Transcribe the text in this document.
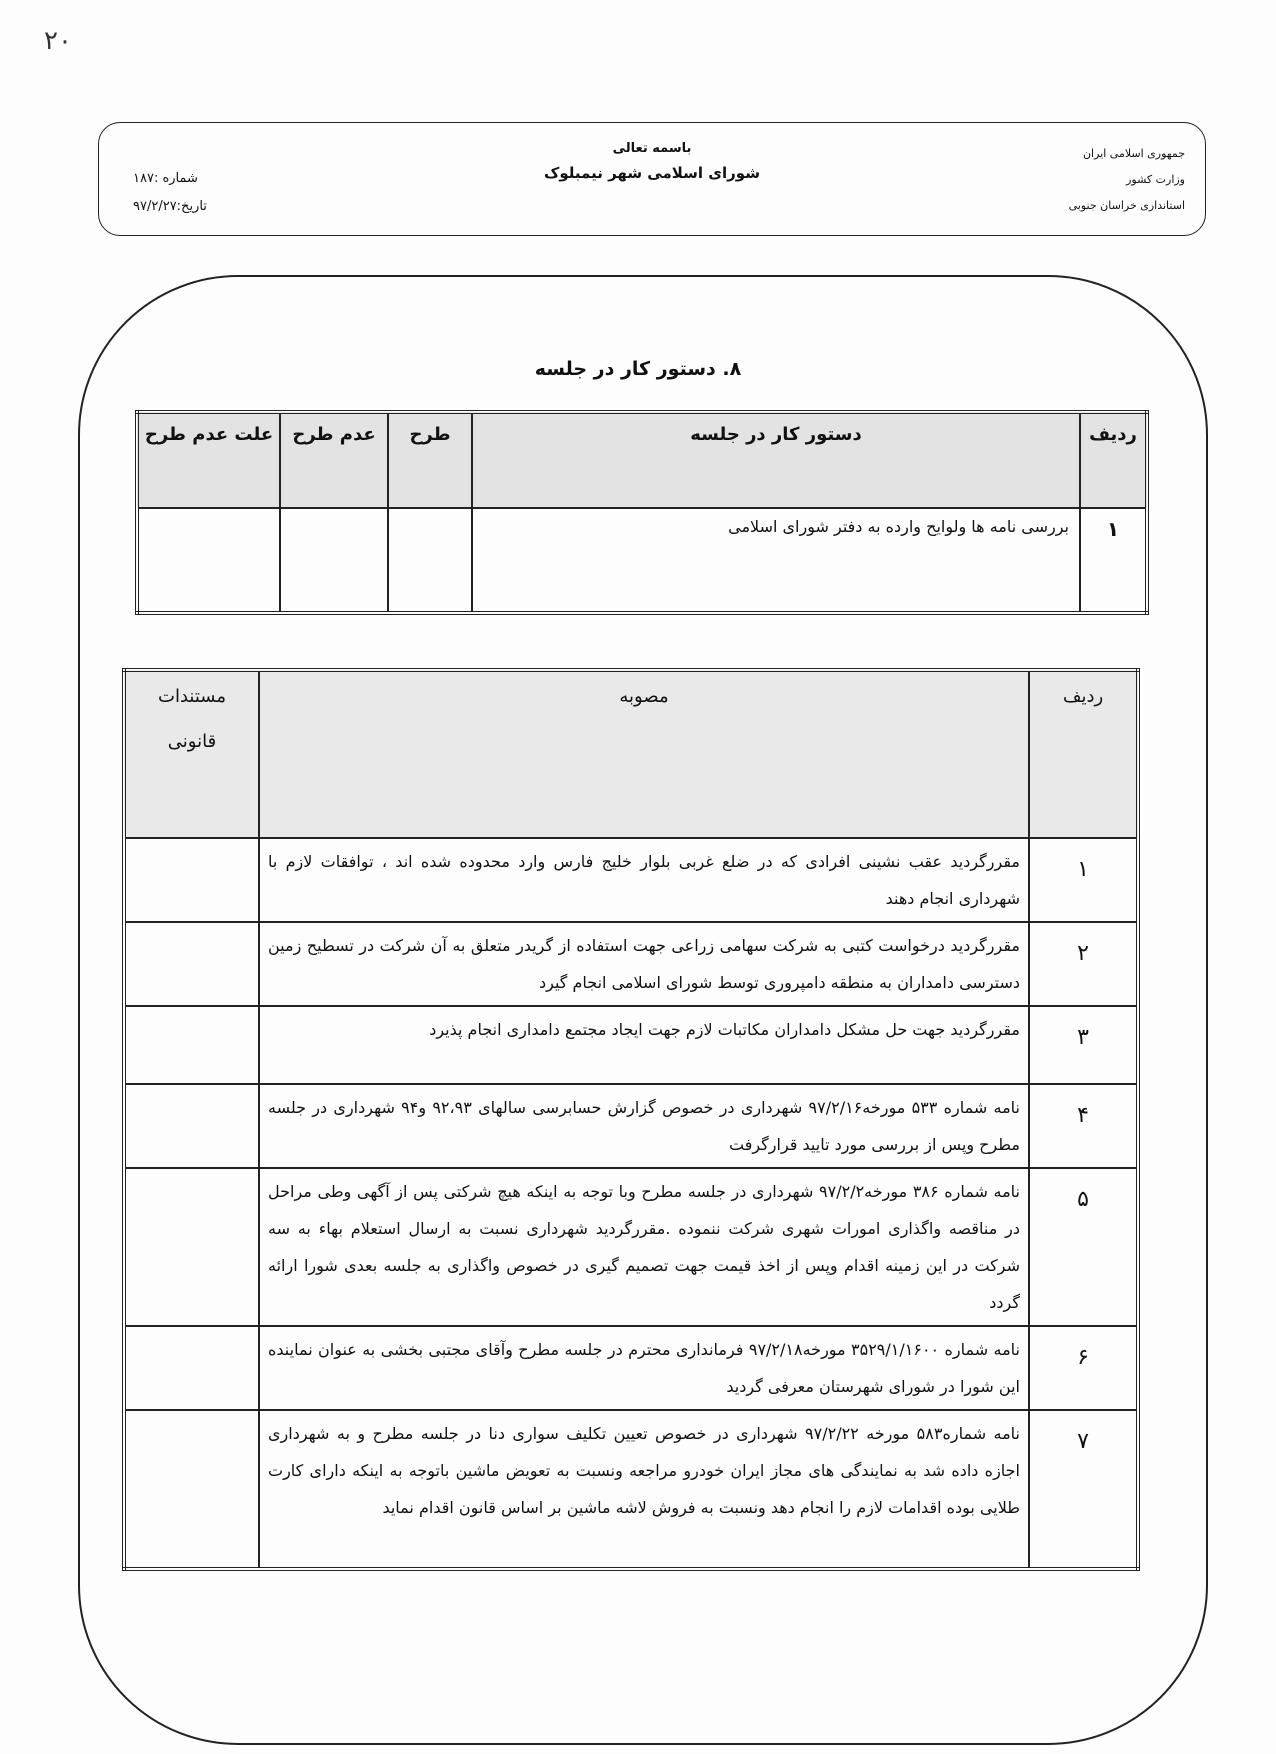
۲۰
جمهوری اسلامی ایران
وزارت کشور
استانداری خراسان جنوبی
باسمه تعالی
شورای اسلامی شهر نیمبلوک
شماره :۱۸۷
تاریخ:۹۷/۲/۲۷
۸. دستور کار در جلسه
ردیف	دستور کار در جلسه	طرح	عدم طرح	علت عدم طرح
۱	بررسی نامه ها ولوایح وارده به دفتر شورای اسلامی			
ردیف	مصوبه	مستندات
قانونی

۱	مقررگردید عقب نشینی افرادی که در ضلع غربی بلوار خلیج فارس وارد محدوده شده اند ، توافقات لازم با شهرداری انجام دهند	
۲	مقررگردید درخواست کتبی به شرکت سهامی زراعی جهت استفاده از گریدر متعلق به آن شرکت در تسطیح زمین دسترسی دامداران به منطقه دامپروری توسط شورای اسلامی انجام گیرد	
۳	مقررگردید جهت حل مشکل دامداران مکاتبات لازم جهت ایجاد مجتمع دامداری انجام پذیرد	
۴	نامه شماره ۵۳۳ مورخه۹۷/۲/۱۶ شهرداری در خصوص گزارش حسابرسی سالهای ۹۲،۹۳ و۹۴ شهرداری در جلسه مطرح وپس از بررسی مورد تایید قرارگرفت	
۵	نامه شماره ۳۸۶ مورخه۹۷/۲/۲ شهرداری در جلسه مطرح وبا توجه به اینکه هیچ شرکتی پس از آگهی وطی مراحل در مناقصه واگذاری امورات شهری شرکت ننموده .مقررگردید شهرداری نسبت به ارسال استعلام بهاء به سه شرکت در این زمینه اقدام وپس از اخذ قیمت جهت تصمیم گیری در خصوص واگذاری به جلسه بعدی شورا ارائه گردد	
۶	نامه شماره ۳۵۲۹/۱/۱۶۰۰ مورخه۹۷/۲/۱۸ فرمانداری محترم در جلسه مطرح وآقای مجتبی بخشی به عنوان نماینده این شورا در شورای شهرستان معرفی گردید	
۷	نامه شماره۵۸۳ مورخه ۹۷/۲/۲۲ شهرداری در خصوص تعیین تکلیف سواری دنا در جلسه مطرح و به شهرداری اجازه داده شد به نمایندگی های مجاز ایران خودرو مراجعه ونسبت به تعویض ماشین باتوجه به اینکه دارای کارت طلایی بوده اقدامات لازم را انجام دهد ونسبت به فروش لاشه ماشین بر اساس قانون اقدام نماید	
